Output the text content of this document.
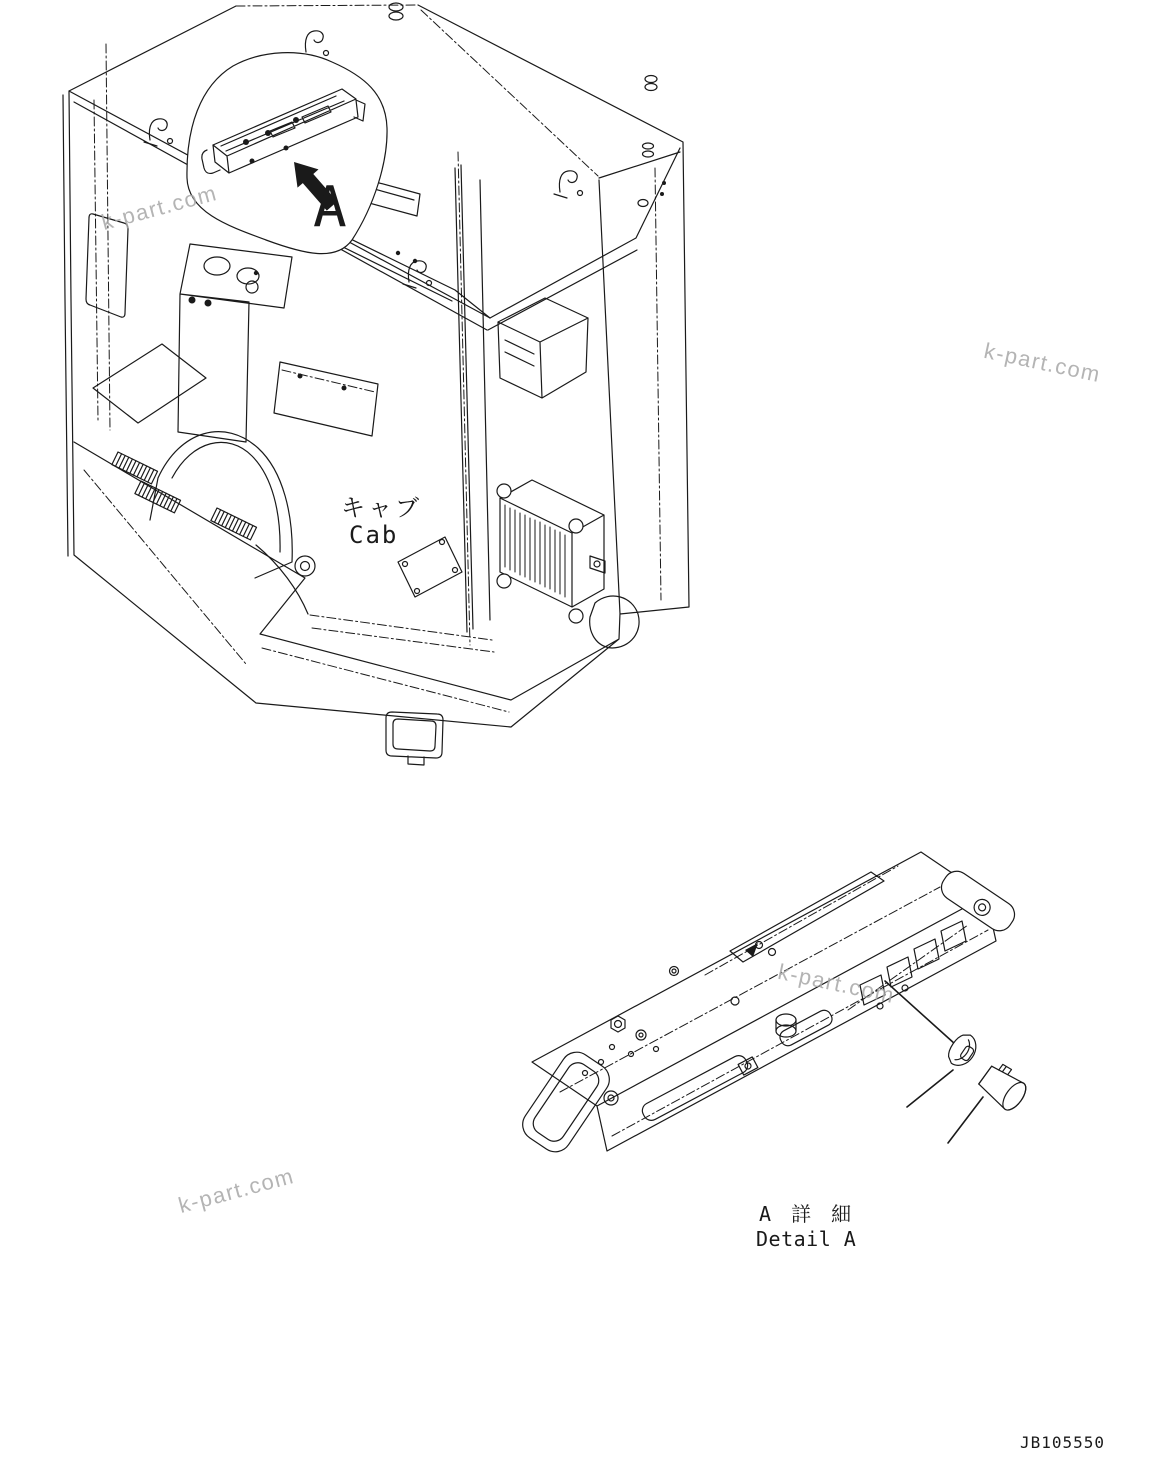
k-part.com
k-part.com
k-part.com
k-part.com
A
キャブ
Cab
A 詳 細
Detail A
JB105550
